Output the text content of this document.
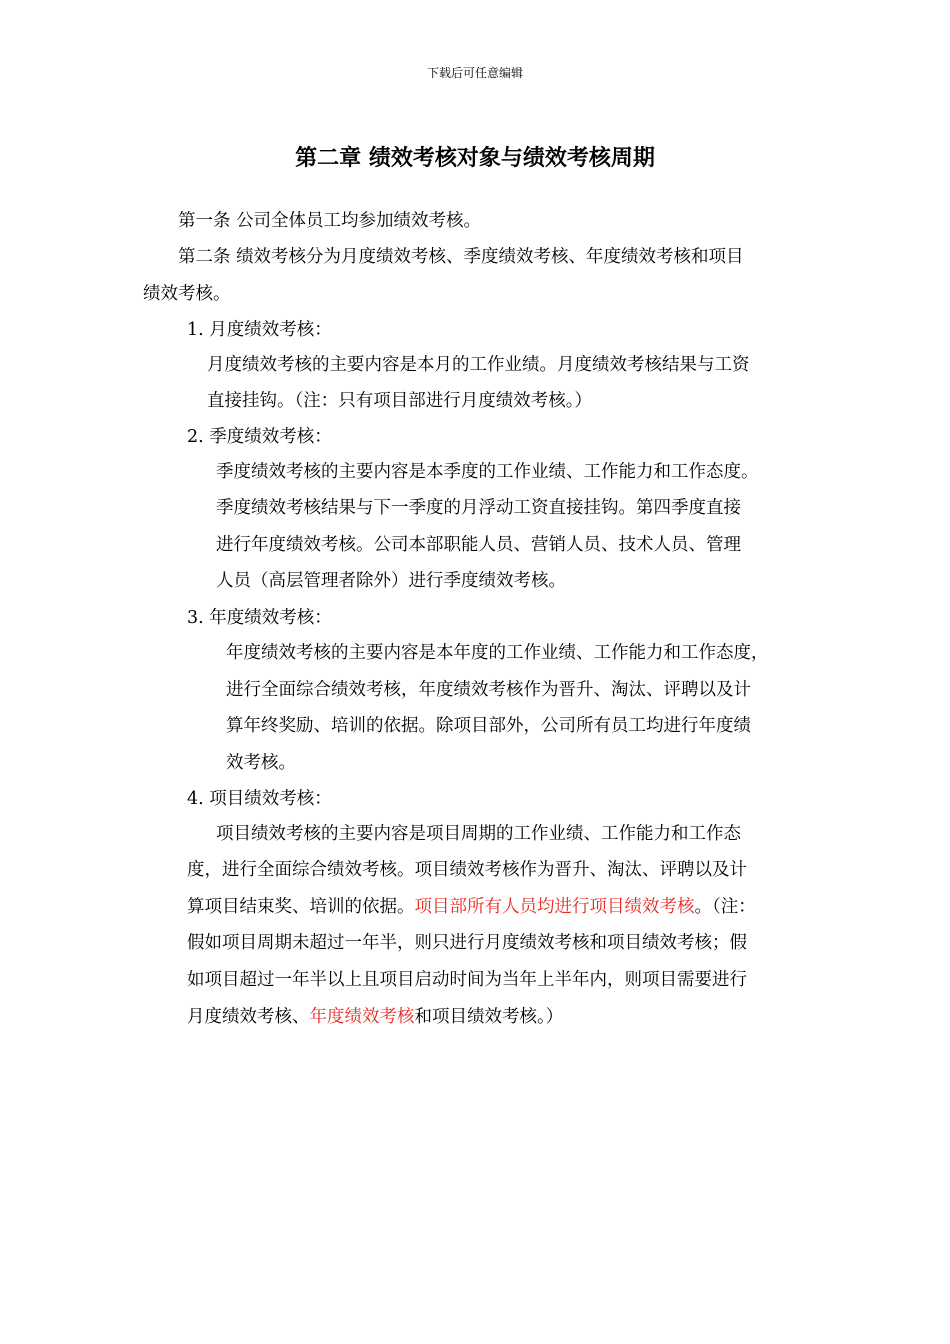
下载后可任意编辑
第二章 绩效考核对象与绩效考核周期
第一条 公司全体员工均参加绩效考核。
第二条 绩效考核分为月度绩效考核、季度绩效考核、年度绩效考核和项目
绩效考核。
1. 月度绩效考核：
月度绩效考核的主要内容是本月的工作业绩。月度绩效考核结果与工资
直接挂钩。（注：只有项目部进行月度绩效考核。）
2. 季度绩效考核：
季度绩效考核的主要内容是本季度的工作业绩、工作能力和工作态度。
季度绩效考核结果与下一季度的月浮动工资直接挂钩。第四季度直接
进行年度绩效考核。公司本部职能人员、营销人员、技术人员、管理
人员（高层管理者除外）进行季度绩效考核。
3. 年度绩效考核：
年度绩效考核的主要内容是本年度的工作业绩、工作能力和工作态度，
进行全面综合绩效考核，年度绩效考核作为晋升、淘汰、评聘以及计
算年终奖励、培训的依据。除项目部外，公司所有员工均进行年度绩
效考核。
4. 项目绩效考核：
项目绩效考核的主要内容是项目周期的工作业绩、工作能力和工作态
度，进行全面综合绩效考核。项目绩效考核作为晋升、淘汰、评聘以及计
算项目结束奖、培训的依据。项目部所有人员均进行项目绩效考核。（注：
假如项目周期未超过一年半，则只进行月度绩效考核和项目绩效考核；假
如项目超过一年半以上且项目启动时间为当年上半年内，则项目需要进行
月度绩效考核、年度绩效考核和项目绩效考核。）
